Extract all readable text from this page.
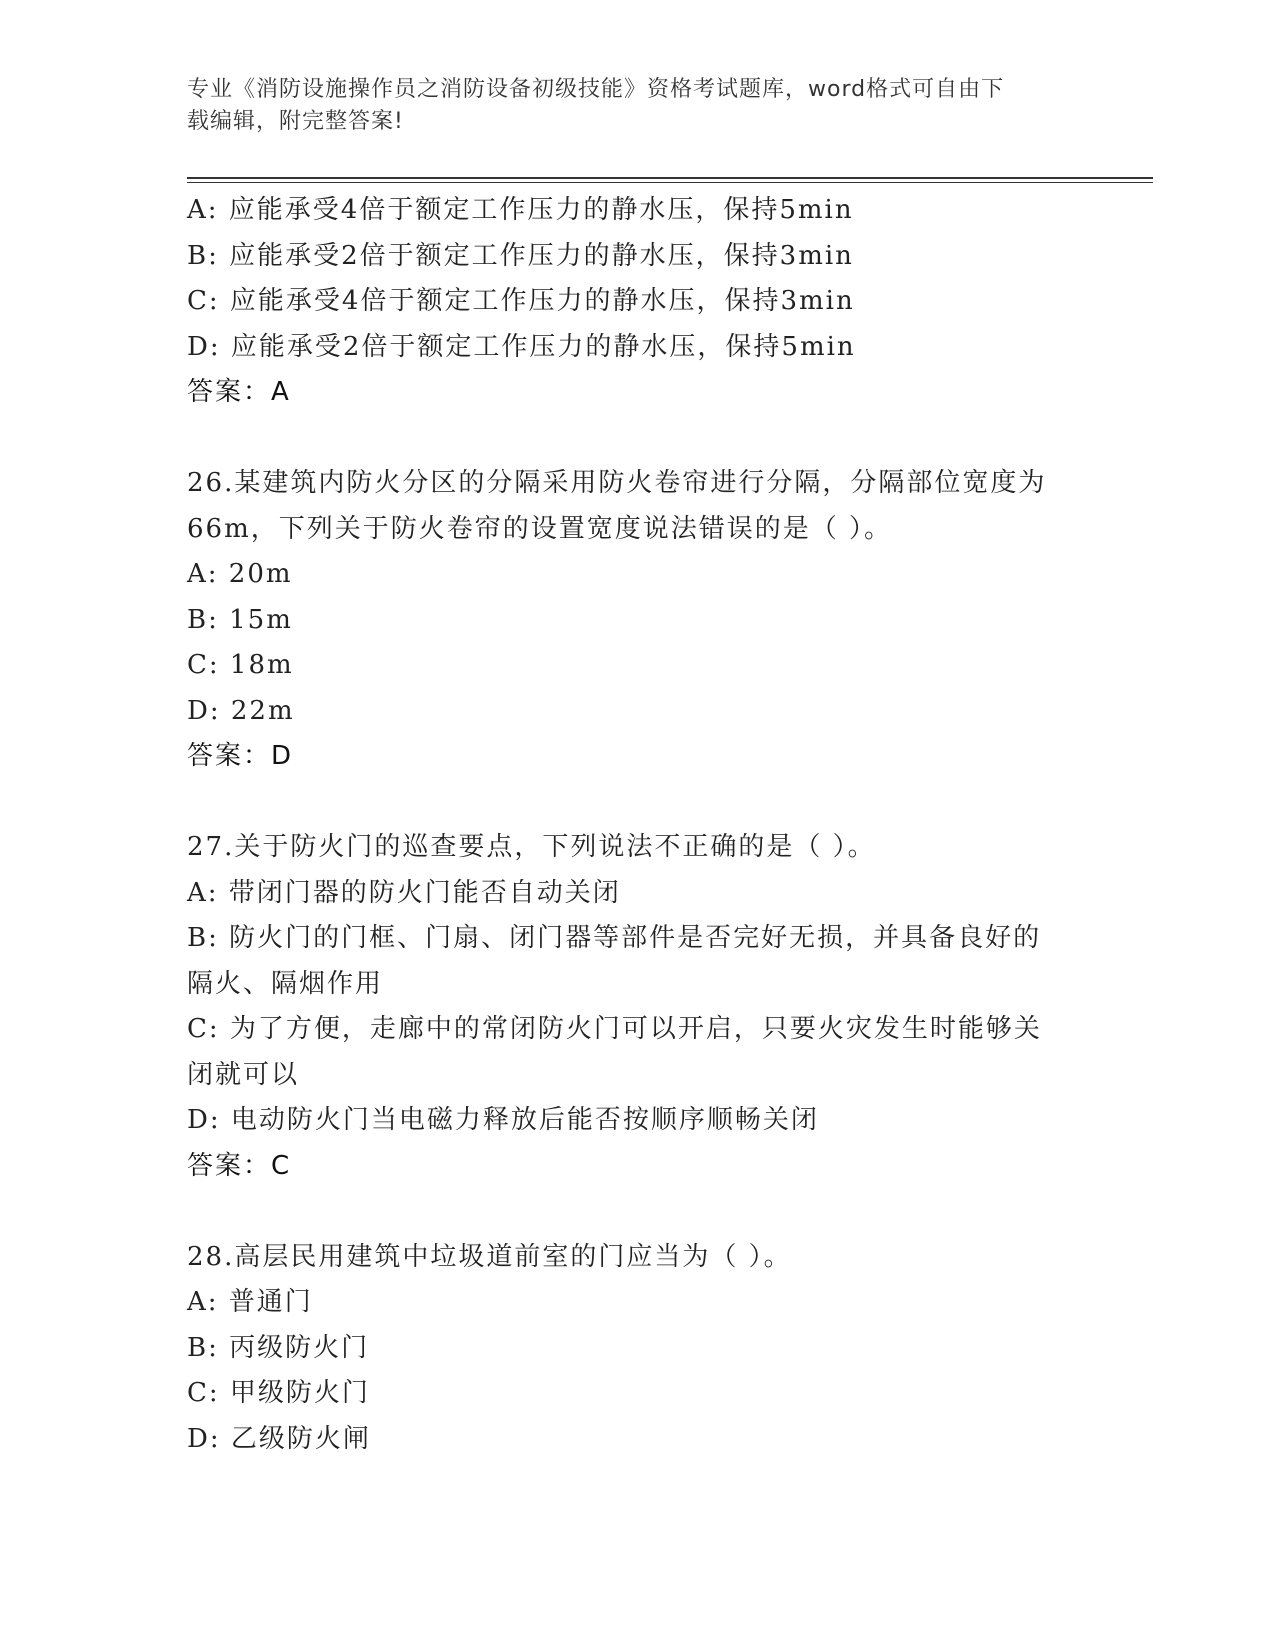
专业《消防设施操作员之消防设备初级技能》资格考试题库，word格式可自由下
载编辑，附完整答案!
A: 应能承受4倍于额定工作压力的静水压，保持5min
B: 应能承受2倍于额定工作压力的静水压，保持3min
C: 应能承受4倍于额定工作压力的静水压，保持3min
D: 应能承受2倍于额定工作压力的静水压，保持5min
答案：A
26.某建筑内防火分区的分隔采用防火卷帘进行分隔，分隔部位宽度为
66m，下列关于防火卷帘的设置宽度说法错误的是（ ）。
A: 20m
B: 15m
C: 18m
D: 22m
答案：D
27.关于防火门的巡查要点，下列说法不正确的是（ ）。
A: 带闭门器的防火门能否自动关闭
B: 防火门的门框、门扇、闭门器等部件是否完好无损，并具备良好的
隔火、隔烟作用
C: 为了方便，走廊中的常闭防火门可以开启，只要火灾发生时能够关
闭就可以
D: 电动防火门当电磁力释放后能否按顺序顺畅关闭
答案：C
28.高层民用建筑中垃圾道前室的门应当为（ ）。
A: 普通门
B: 丙级防火门
C: 甲级防火门
D: 乙级防火闸
